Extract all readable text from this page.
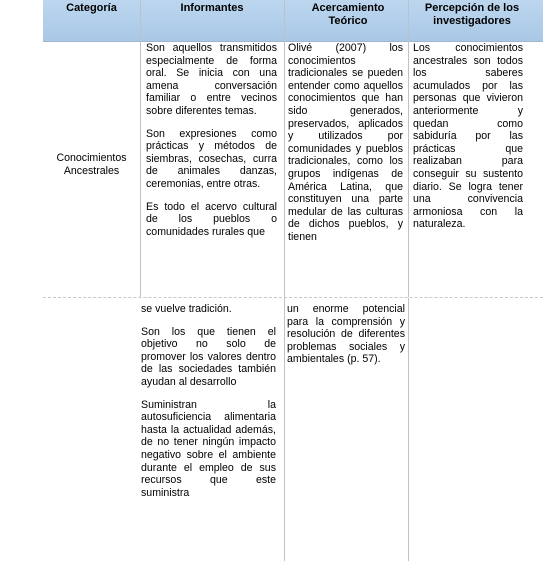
Categoría	Informantes	Acercamiento Teórico
Percepción de los investigadores
Conocimientos Ancestrales

Son aquellos transmitidos especialmente de forma oral. Se inicia con una amena conversación familiar o entre vecinos sobre diferentes temas.

Son expresiones como prácticas y métodos de siembras, cosechas, curra de animales danzas, ceremonias, entre otras.

Es todo el acervo cultural de los pueblos o comunidades rurales que

Olivé (2007) los conocimientos tradicionales se pueden entender como aquellos conocimientos que han sido generados, preservados, aplicados y utilizados por comunidades y pueblos tradicionales, como los grupos indígenas de América Latina, que constituyen una parte medular de las culturas de dichos pueblos, y tienen
Los conocimientos ancestrales son todos los saberes acumulados por las personas que vivieron anteriormente y quedan como sabiduría por las prácticas que realizaban para conseguir su sustento diario. Se logra tener una convivencia armoniosa con la naturaleza.

se vuelve tradición.

Son los que tienen el objetivo no solo de promover los valores dentro de las sociedades también ayudan al desarrollo

Suministran la autosuficiencia alimentaria hasta la actualidad además, de no tener ningún impacto negativo sobre el ambiente durante el empleo de sus recursos que este suministra

un enorme potencial para la comprensión y resolución de diferentes problemas sociales y ambientales (p. 57).
